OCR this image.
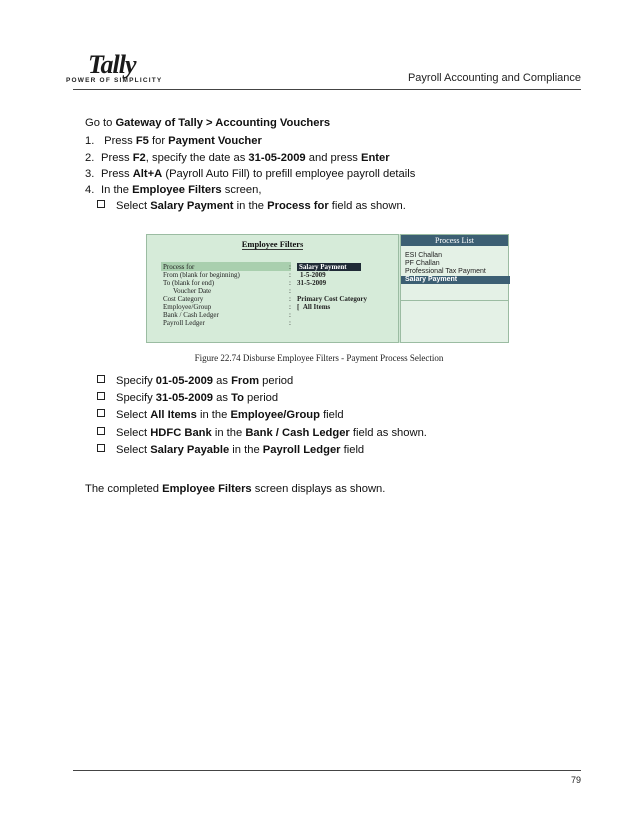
Tally
POWER OF SIMPLICITY	Payroll Accounting and Compliance
Go to Gateway of Tally > Accounting Vouchers
1. Press F5 for Payment Voucher
2. Press F2, specify the date as 31-05-2009 and press Enter
3. Press Alt+A (Payroll Auto Fill) to prefill employee payroll details
4. In the Employee Filters screen,
Select Salary Payment in the Process for field as shown.
Employee Filters
Process for	: Salary Payment
From (blank for beginning)	: 1-5-2009
To (blank for end)	: 31-5-2009
Voucher Date	:
Cost Category	: Primary Cost Category
Employee/Group	: [  All Items
Bank / Cash Ledger	:
Payroll Ledger	:
Process List
ESI Challan
PF Challan
Professional Tax Payment
Salary Payment
Figure 22.74 Disburse Employee Filters - Payment Process Selection
Specify 01-05-2009 as From period
Specify 31-05-2009 as To period
Select All Items in the Employee/Group field
Select HDFC Bank in the Bank / Cash Ledger field as shown.
Select Salary Payable in the Payroll Ledger field
The completed Employee Filters screen displays as shown.
79
